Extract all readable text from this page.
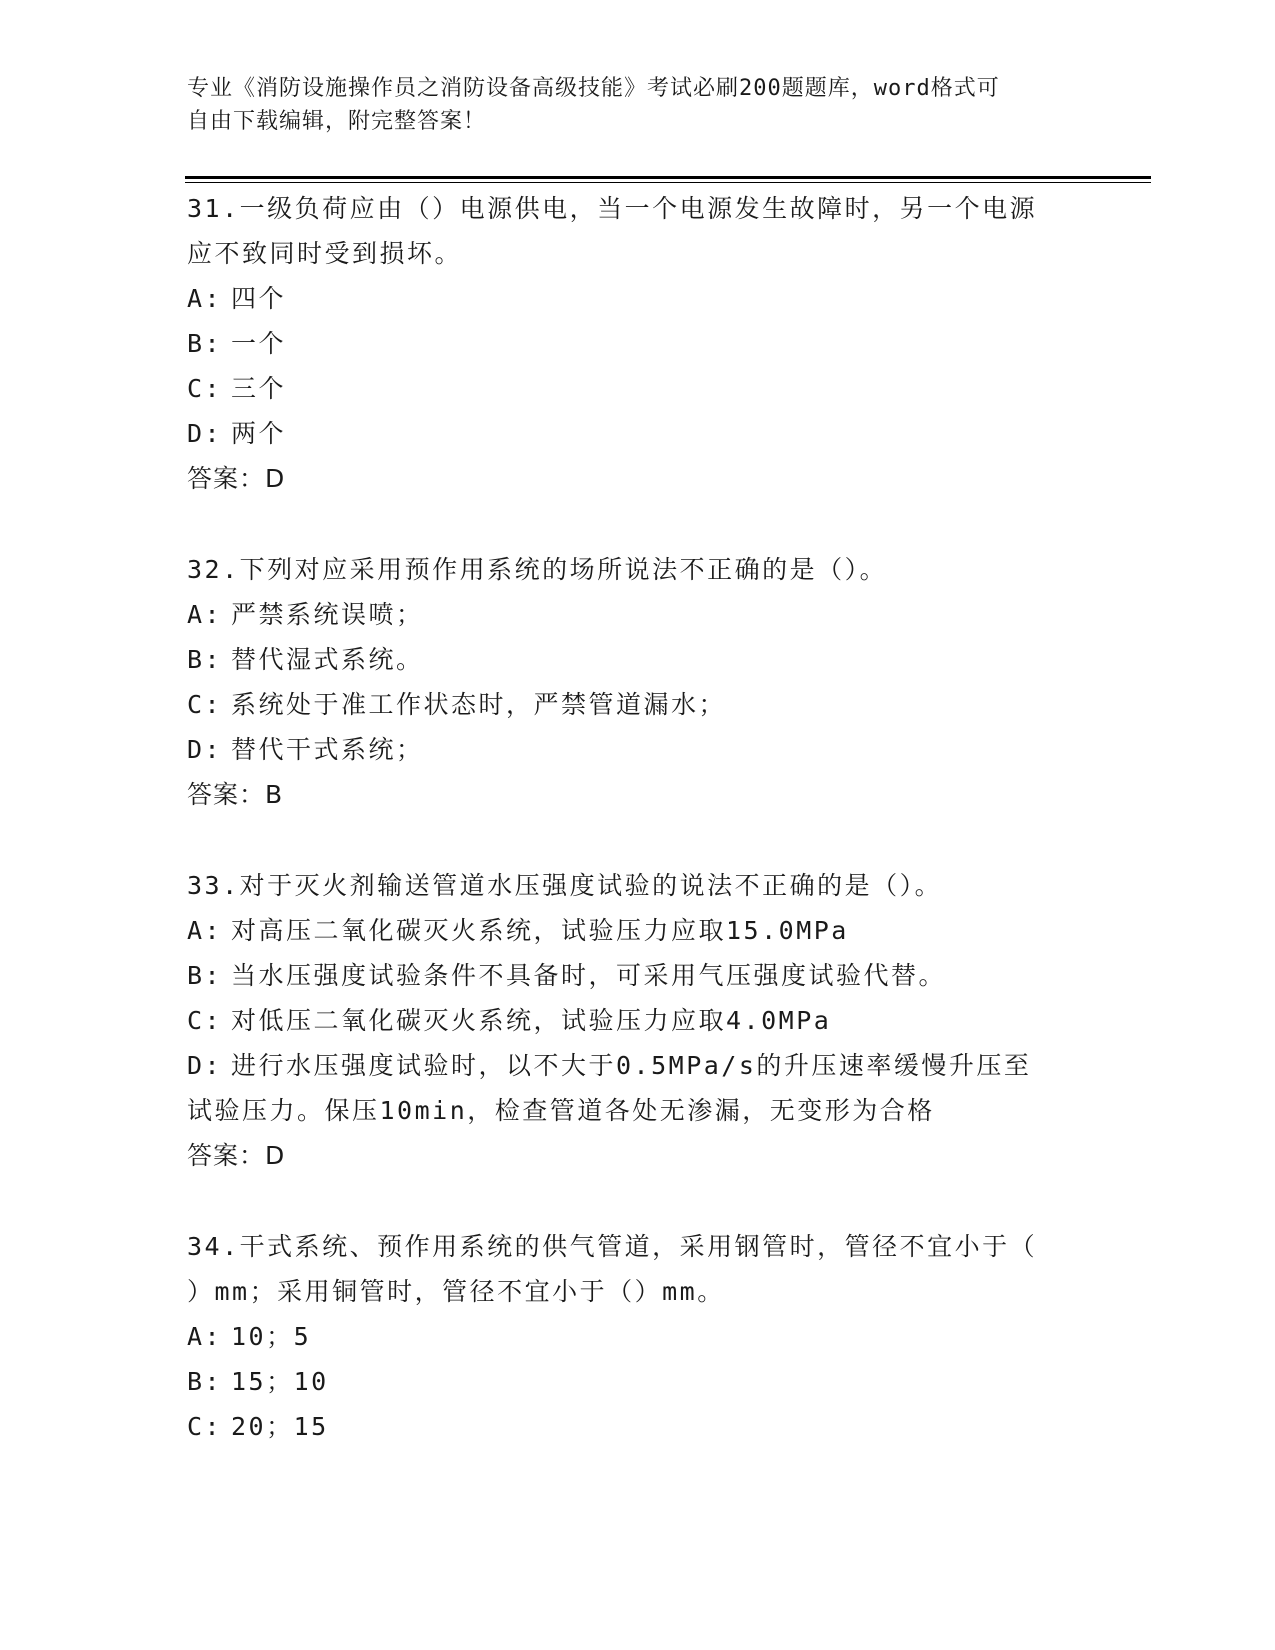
专业《消防设施操作员之消防设备高级技能》考试必刷200题题库，word格式可
自由下载编辑，附完整答案！
31.一级负荷应由（）电源供电，当一个电源发生故障时，另一个电源
应不致同时受到损坏。
A: 四个
B: 一个
C: 三个
D: 两个
答案：D
32.下列对应采用预作用系统的场所说法不正确的是（）。
A: 严禁系统误喷；
B: 替代湿式系统。
C: 系统处于准工作状态时，严禁管道漏水；
D: 替代干式系统；
答案：B
33.对于灭火剂输送管道水压强度试验的说法不正确的是（）。
A: 对高压二氧化碳灭火系统，试验压力应取15.0MPa
B: 当水压强度试验条件不具备时，可采用气压强度试验代替。
C: 对低压二氧化碳灭火系统，试验压力应取4.0MPa
D: 进行水压强度试验时，以不大于0.5MPa/s的升压速率缓慢升压至
试验压力。保压10min，检查管道各处无渗漏，无变形为合格
答案：D
34.干式系统、预作用系统的供气管道，采用钢管时，管径不宜小于（
）mm；采用铜管时，管径不宜小于（）mm。
A: 10；5
B: 15；10
C: 20；15
